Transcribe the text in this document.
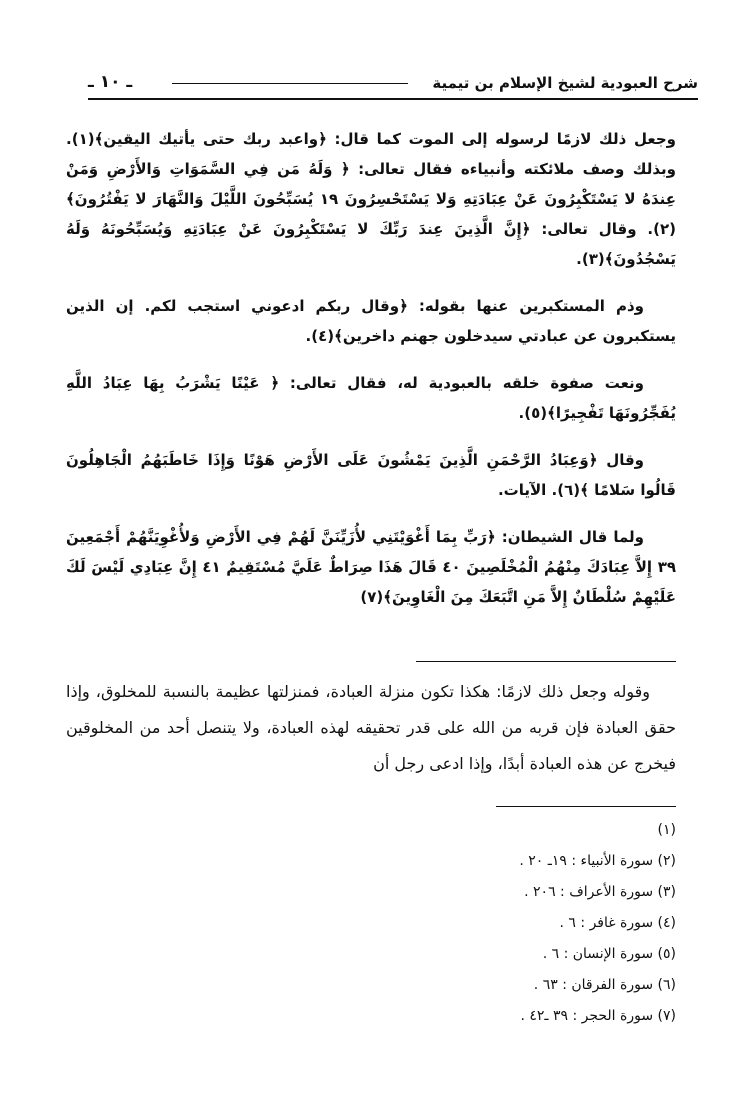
شرح العبودية لشيخ الإسلام بن تيمية
ـ ١٠ ـ

وجعل ذلك لازمًا لرسوله إلى الموت كما قال: ﴿واعبد ربك حتى يأتيك اليقين﴾(١). وبذلك وصف ملائكته وأنبياءه فقال تعالى: ﴿ وَلَهُ مَن فِي السَّمَوَاتِ وَالأَرْضِ وَمَنْ عِندَهُ لا يَسْتَكْبِرُونَ عَنْ عِبَادَتِهِ وَلا يَسْتَحْسِرُونَ ١٩ يُسَبِّحُونَ اللَّيْلَ وَالنَّهَارَ لا يَفْتُرُونَ﴾(٢). وقال تعالى: ﴿إِنَّ الَّذِينَ عِندَ رَبِّكَ لا يَسْتَكْبِرُونَ عَنْ عِبَادَتِهِ وَيُسَبِّحُونَهُ وَلَهُ يَسْجُدُونَ﴾(٣).

وذم المستكبرين عنها بقوله: ﴿وقال ربكم ادعوني استجب لكم. إن الذين يستكبرون عن عبادتي سيدخلون جهنم داخرين﴾(٤).

ونعت صفوة خلقه بالعبودية له، فقال تعالى: ﴿ عَيْنًا يَشْرَبُ بِهَا عِبَادُ اللَّهِ يُفَجِّرُونَهَا تَفْجِيرًا﴾(٥).

وقال ﴿وَعِبَادُ الرَّحْمَنِ الَّذِينَ يَمْشُونَ عَلَى الأَرْضِ هَوْنًا وَإِذَا خَاطَبَهُمُ الْجَاهِلُونَ قَالُوا سَلامًا ﴾(٦). الآيات.

ولما قال الشيطان: ﴿رَبِّ بِمَا أَغْوَيْتَنِي لأُزَيِّنَنَّ لَهُمْ فِي الأَرْضِ وَلأُغْوِيَنَّهُمْ أَجْمَعِينَ ٣٩ إِلاَّ عِبَادَكَ مِنْهُمُ الْمُخْلَصِينَ ٤٠ قَالَ هَذَا صِرَاطٌ عَلَيَّ مُسْتَقِيمٌ ٤١ إِنَّ عِبَادِي لَيْسَ لَكَ عَلَيْهِمْ سُلْطَانٌ إِلاَّ مَنِ اتَّبَعَكَ مِنَ الْغَاوِينَ﴾(٧)

وقوله وجعل ذلك لازمًا: هكذا تكون منزلة العبادة، فمنزلتها عظيمة بالنسبة للمخلوق، وإذا حقق العبادة فإن قربه من الله على قدر تحقيقه لهذه العبادة، ولا يتنصل أحد من المخلوقين فيخرج عن هذه العبادة أبدًا، وإذا ادعى رجل أن

(١)
(٢) سورة الأنبياء : ١٩ـ ٢٠ .
(٣) سورة الأعراف : ٢٠٦ .
(٤) سورة غافر : ٦ .
(٥) سورة الإنسان : ٦ .
(٦) سورة الفرقان : ٦٣ .
(٧) سورة الحجر : ٣٩ ـ٤٢ .
